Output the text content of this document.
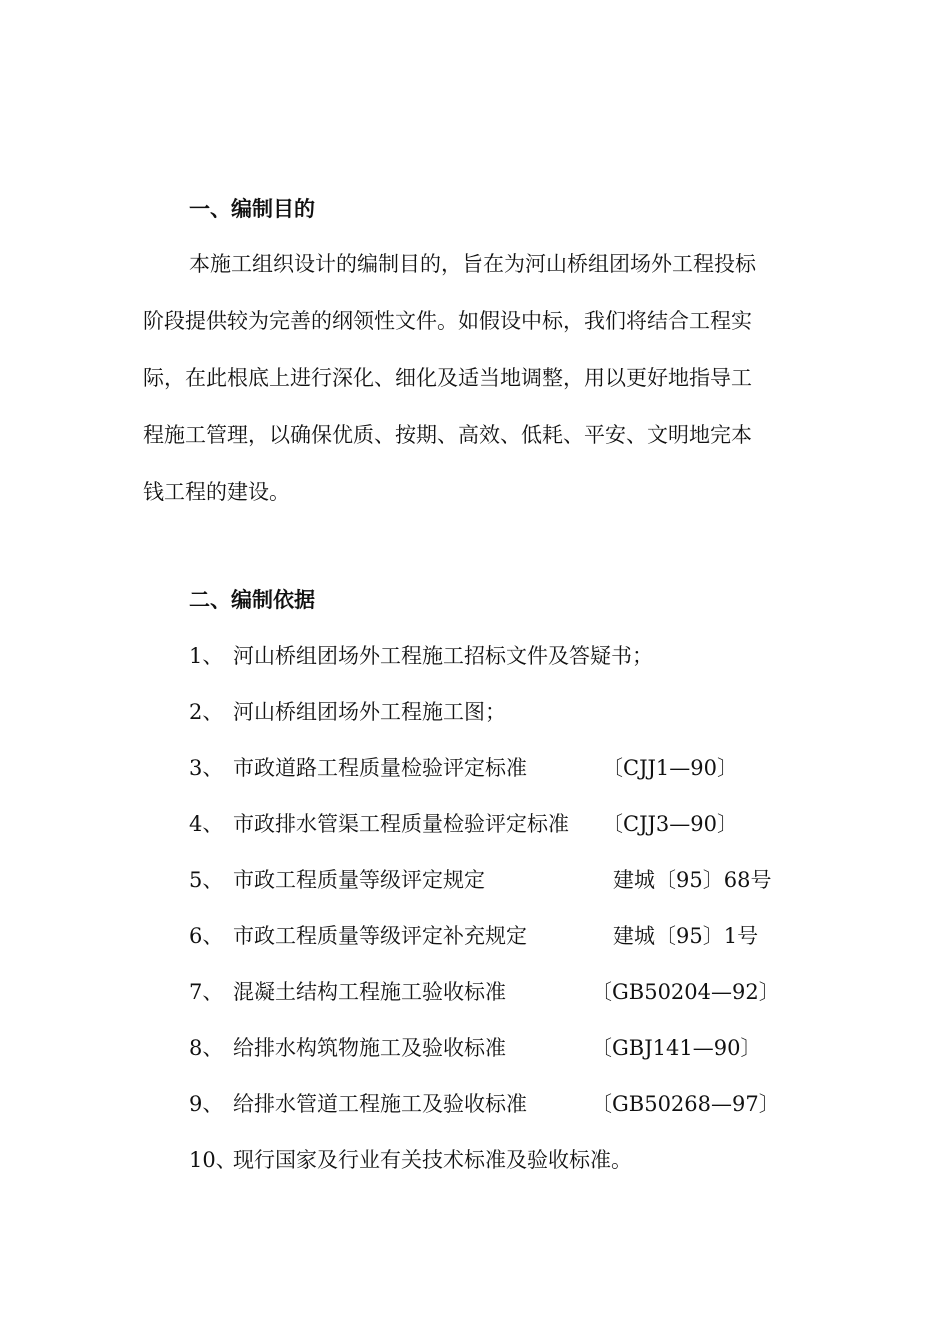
一、编制目的
本施工组织设计的编制目的，旨在为河山桥组团场外工程投标
阶段提供较为完善的纲领性文件。如假设中标，我们将结合工程实
际，在此根底上进行深化、细化及适当地调整，用以更好地指导工
程施工管理，以确保优质、按期、高效、低耗、平安、文明地完本
钱工程的建设。
二、编制依据
1、 河山桥组团场外工程施工招标文件及答疑书；
2、 河山桥组团场外工程施工图；
3、 市政道路工程质量检验评定标准	〔CJJ1—90〕
4、 市政排水管渠工程质量检验评定标准 〔CJJ3—90〕
5、 市政工程质量等级评定规定	建城〔95〕68号
6、 市政工程质量等级评定补充规定	建城〔95〕1号
7、 混凝土结构工程施工验收标准	〔GB50204—92〕
8、 给排水构筑物施工及验收标准	〔GBJ141—90〕
9、 给排水管道工程施工及验收标准	〔GB50268—97〕
10、
现行国家及行业有关技术标准及验收标准。
